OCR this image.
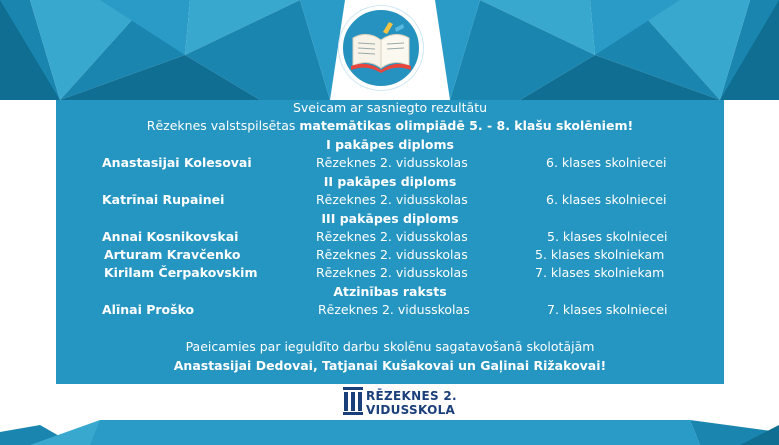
Sveicam ar sasniegto rezultātu
Rēzeknes valstspilsētas matemātikas olimpiādē 5. - 8. klašu skolēniem!
I pakāpes diploms
Anastasijai Kolesovai	Rēzeknes 2. vidusskolas	6. klases skolniecei
II pakāpes diploms
Katrīnai Rupainei	Rēzeknes 2. vidusskolas	6. klases skolniecei
III pakāpes diploms
Annai Kosnikovskai	Rēzeknes 2. vidusskolas	5. klases skolniecei
Arturam Kravčenko	Rēzeknes 2. vidusskolas	5. klases skolniekam
Kirilam Čerpakovskim	Rēzeknes 2. vidusskolas	7. klases skolniekam
Atzinības raksts
Alīnai Proško	Rēzeknes 2. vidusskolas	7. klases skolniecei
Paeicamies par ieguldīto darbu skolēnu sagatavošanā skolotājām
Anastasijai Dedovai, Tatjanai Kušakovai un Gaļinai Rižakovai!
RĒZEKNES 2.
VIDUSSKOLA
